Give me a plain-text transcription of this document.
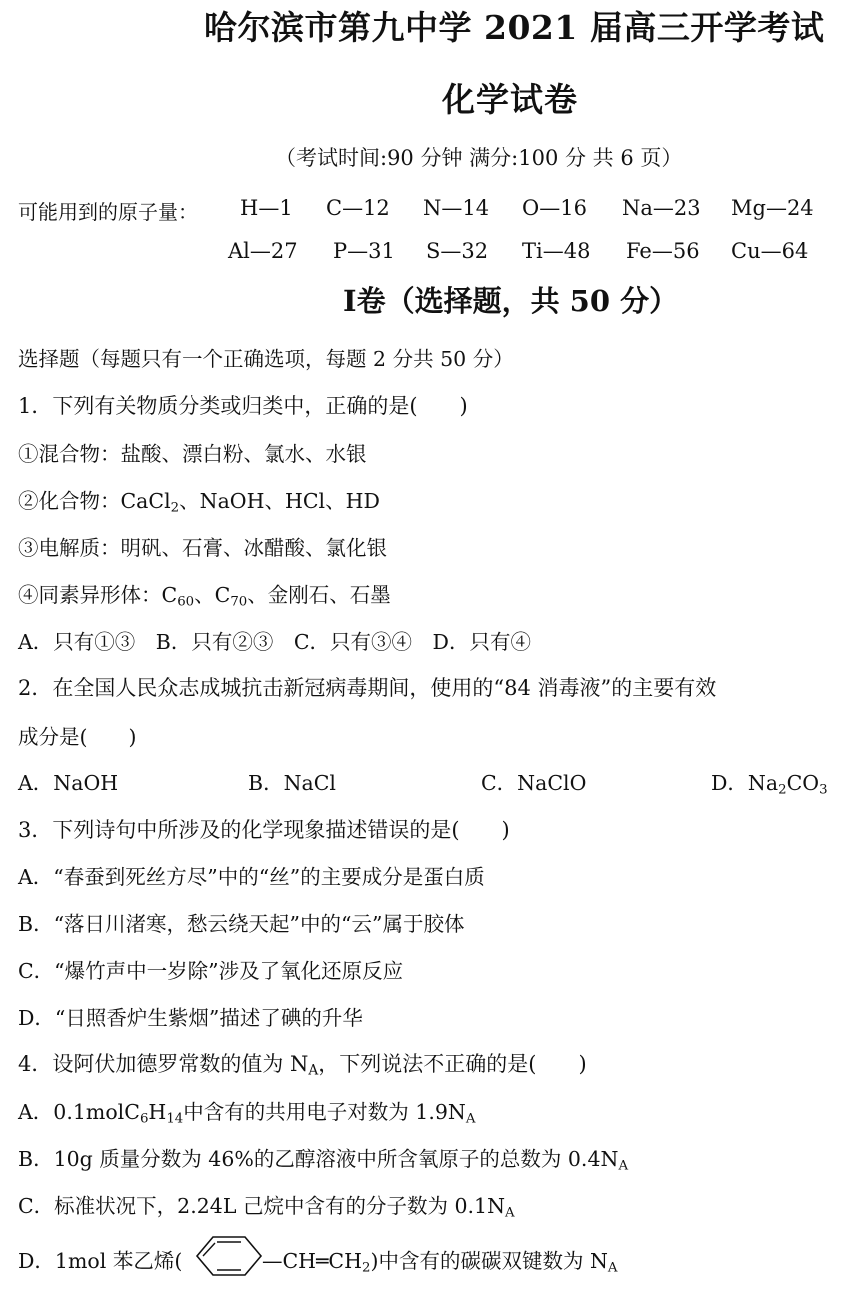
哈尔滨市第九中学 2021 届高三开学考试
化学试卷
（考试时间:90 分钟 满分:100 分 共 6 页）
可能用到的原子量： H—1 C—12 N—14 O—16 Na—23 Mg—24
Al—27 P—31 S—32 Ti—48 Fe—56 Cu—64
Ⅰ卷（选择题，共 50 分）
选择题（每题只有一个正确选项，每题 2 分共 50 分）
1．下列有关物质分类或归类中，正确的是(　　)
①混合物：盐酸、漂白粉、氯水、水银
②化合物：CaCl$_2$、NaOH、HCl、HD
③电解质：明矾、石膏、冰醋酸、氯化银
④同素异形体：$C_{60}$、$C_{70}$、金刚石、石墨
A．只有①③　B．只有②③　C．只有③④　D．只有④
2．在全国人民众志成城抗击新冠病毒期间，使用的“84 消毒液”的主要有效
成分是(　　)
A．NaOH	B．NaCl	C．NaClO	D．$Na_2CO_3$
3．下列诗句中所涉及的化学现象描述错误的是(　　)
A．“春蚕到死丝方尽”中的“丝”的主要成分是蛋白质
B．“落日川渚寒，愁云绕天起”中的“云”属于胶体
C．“爆竹声中一岁除”涉及了氧化还原反应
D．“日照香炉生紫烟”描述了碘的升华
4．设阿伏加德罗常数的值为 $N_A$，下列说法不正确的是(　　)
A．$0.1molC_6H_{14}$中含有的共用电子对数为 $1.9N_A$
B．10g 质量分数为 46%的乙醇溶液中所含氧原子的总数为 $0.4N_A$
C．标准状况下，2.24L 己烷中含有的分子数为 $0.1N_A$
D．1mol 苯乙烯(	$—CH═CH_2$)中含有的碳碳双键数为 $N_A$
